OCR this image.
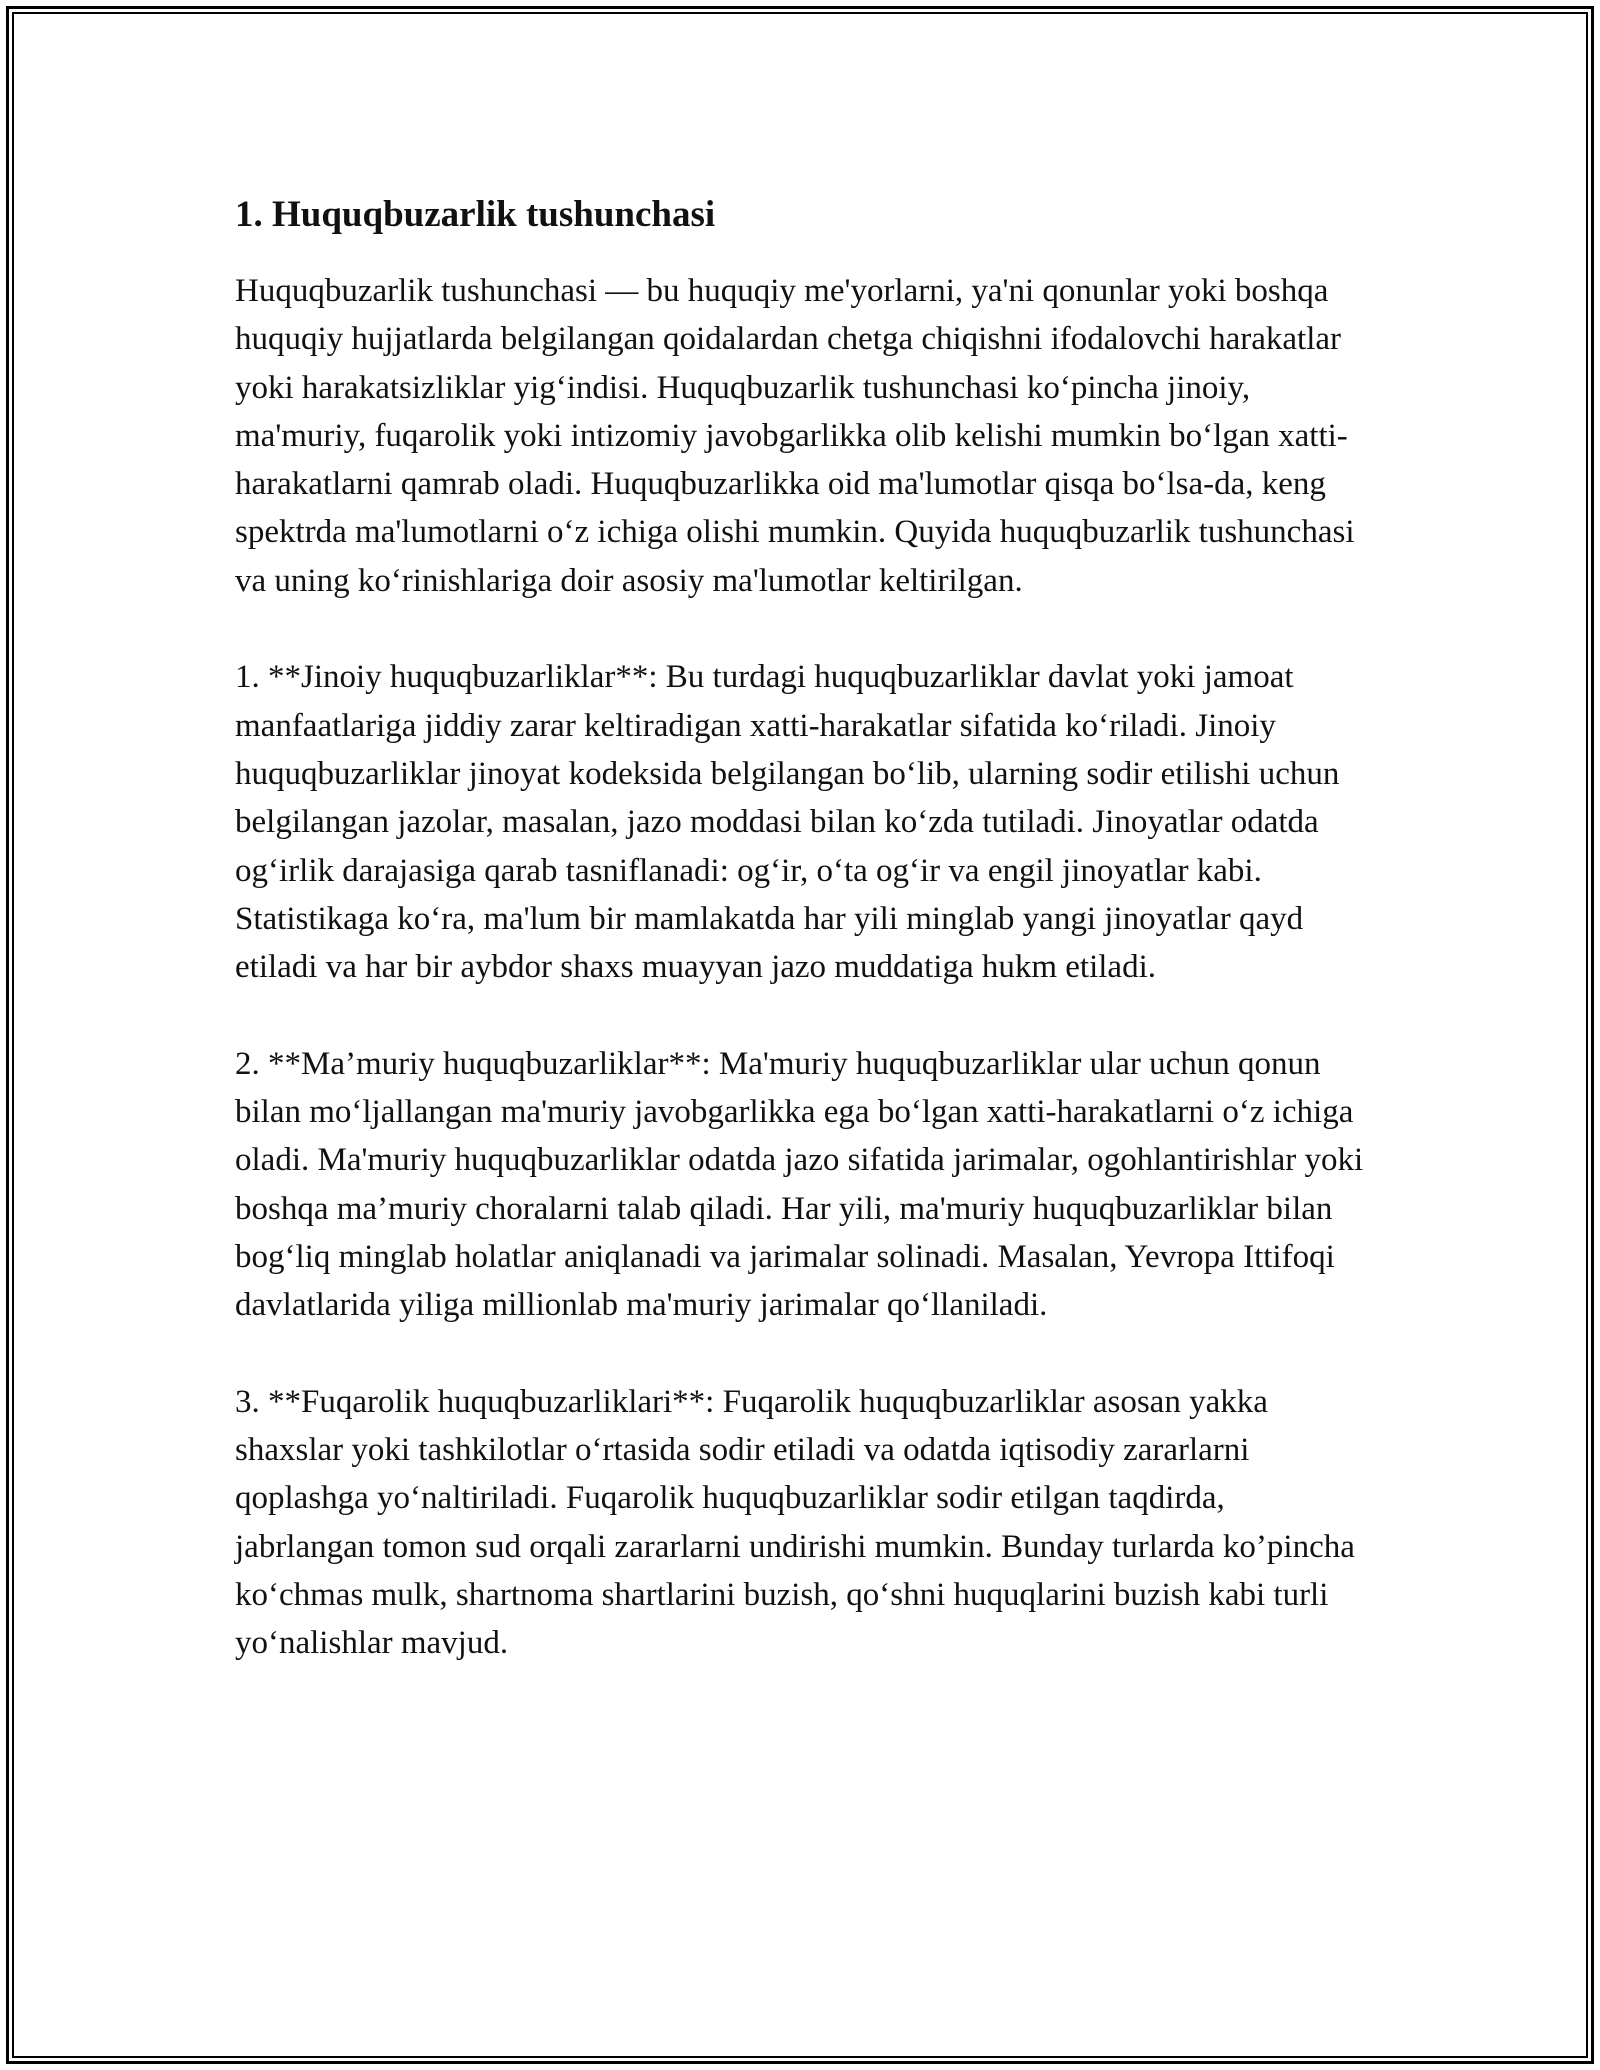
1. Huquqbuzarlik tushunchasi

Huquqbuzarlik tushunchasi — bu huquqiy me'yorlarni, ya'ni qonunlar yoki boshqa huquqiy hujjatlarda belgilangan qoidalardan chetga chiqishni ifodalovchi harakatlar yoki harakatsizliklar yig‘indisi. Huquqbuzarlik tushunchasi ko‘pincha jinoiy, ma'muriy, fuqarolik yoki intizomiy javobgarlikka olib kelishi mumkin bo‘lgan xatti-harakatlarni qamrab oladi. Huquqbuzarlikka oid ma'lumotlar qisqa bo‘lsa-da, keng spektrda ma'lumotlarni o‘z ichiga olishi mumkin. Quyida huquqbuzarlik tushunchasi va uning ko‘rinishlariga doir asosiy ma'lumotlar keltirilgan.

1. **Jinoiy huquqbuzarliklar**: Bu turdagi huquqbuzarliklar davlat yoki jamoat manfaatlariga jiddiy zarar keltiradigan xatti-harakatlar sifatida ko‘riladi. Jinoiy huquqbuzarliklar jinoyat kodeksida belgilangan bo‘lib, ularning sodir etilishi uchun belgilangan jazolar, masalan, jazo moddasi bilan ko‘zda tutiladi. Jinoyatlar odatda og‘irlik darajasiga qarab tasniflanadi: og‘ir, o‘ta og‘ir va engil jinoyatlar kabi. Statistikaga ko‘ra, ma'lum bir mamlakatda har yili minglab yangi jinoyatlar qayd etiladi va har bir aybdor shaxs muayyan jazo muddatiga hukm etiladi.

2. **Ma’muriy huquqbuzarliklar**: Ma'muriy huquqbuzarliklar ular uchun qonun bilan mo‘ljallangan ma'muriy javobgarlikka ega bo‘lgan xatti-harakatlarni o‘z ichiga oladi. Ma'muriy huquqbuzarliklar odatda jazo sifatida jarimalar, ogohlantirishlar yoki boshqa ma’muriy choralarni talab qiladi. Har yili, ma'muriy huquqbuzarliklar bilan bog‘liq minglab holatlar aniqlanadi va jarimalar solinadi. Masalan, Yevropa Ittifoqi davlatlarida yiliga millionlab ma'muriy jarimalar qo‘llaniladi.

3. **Fuqarolik huquqbuzarliklari**: Fuqarolik huquqbuzarliklar asosan yakka shaxslar yoki tashkilotlar o‘rtasida sodir etiladi va odatda iqtisodiy zararlarni qoplashga yo‘naltiriladi. Fuqarolik huquqbuzarliklar sodir etilgan taqdirda, jabrlangan tomon sud orqali zararlarni undirishi mumkin. Bunday turlarda ko’pincha ko‘chmas mulk, shartnoma shartlarini buzish, qo‘shni huquqlarini buzish kabi turli yo‘nalishlar mavjud.
